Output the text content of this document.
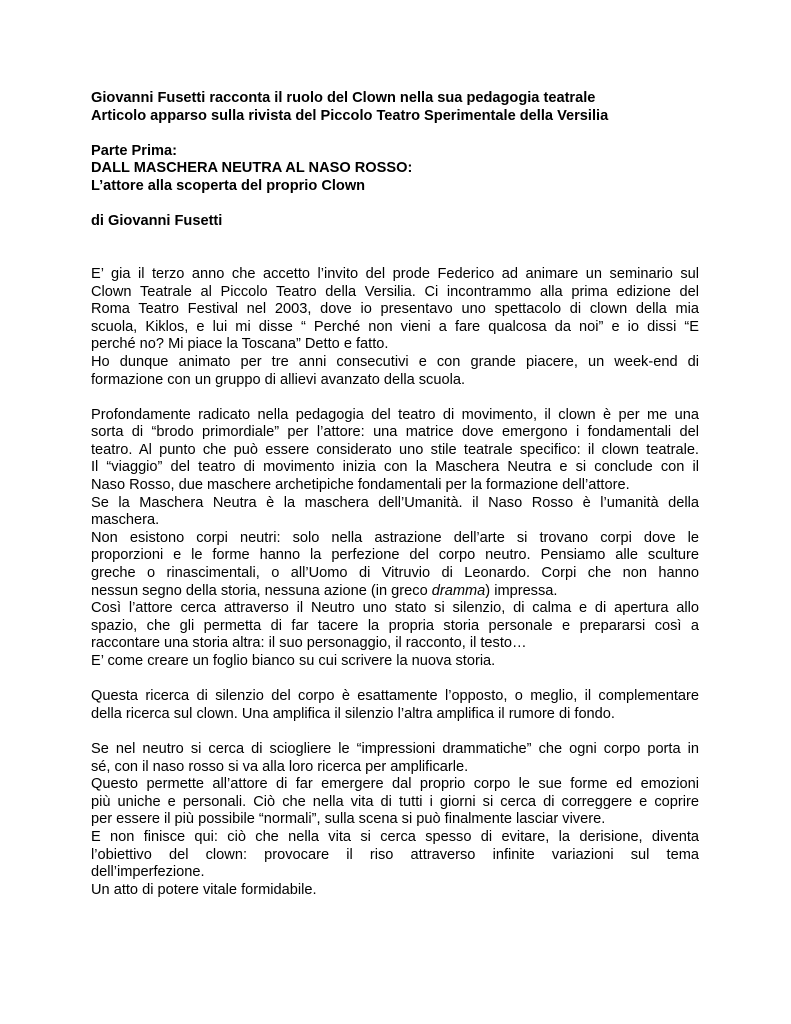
Giovanni Fusetti racconta il ruolo del Clown nella sua pedagogia teatrale
Articolo apparso sulla rivista del Piccolo Teatro Sperimentale della Versilia
Parte Prima:
DALL MASCHERA NEUTRA AL NASO ROSSO:
L’attore alla scoperta del proprio Clown
di Giovanni Fusetti
E’ gia il terzo anno che accetto l’invito del prode Federico ad animare un seminario sul
Clown Teatrale al Piccolo Teatro della Versilia. Ci incontrammo alla prima edizione del
Roma Teatro Festival nel 2003, dove io presentavo uno spettacolo di clown della mia
scuola, Kiklos, e lui mi disse “ Perché non vieni a fare qualcosa da noi” e io dissi “E
perché no? Mi piace la Toscana” Detto e fatto.
Ho dunque animato per tre anni consecutivi e con grande piacere, un week-end di
formazione con un gruppo di allievi avanzato della scuola.
Profondamente radicato nella pedagogia del teatro di movimento, il clown è per me una
sorta di “brodo primordiale” per l’attore: una matrice dove emergono i fondamentali del
teatro. Al punto che può essere considerato uno stile teatrale specifico: il clown teatrale.
Il “viaggio” del teatro di movimento inizia con la Maschera Neutra e si conclude con il
Naso Rosso, due maschere archetipiche fondamentali per la formazione dell’attore.
Se la Maschera Neutra è la maschera dell’Umanità. il Naso Rosso è l’umanità della
maschera.
Non esistono corpi neutri: solo nella astrazione dell’arte si trovano corpi dove le
proporzioni e le forme hanno la perfezione del corpo neutro. Pensiamo alle sculture
greche o rinascimentali, o all’Uomo di Vitruvio di Leonardo. Corpi che non hanno
nessun segno della storia, nessuna azione (in greco dramma) impressa.
Così l’attore cerca attraverso il Neutro uno stato si silenzio, di calma e di apertura allo
spazio, che gli permetta di far tacere la propria storia personale e prepararsi così a
raccontare una storia altra: il suo personaggio, il racconto, il testo…
E’ come creare un foglio bianco su cui scrivere la nuova storia.
Questa ricerca di silenzio del corpo è esattamente l’opposto, o meglio, il complementare
della ricerca sul clown. Una amplifica il silenzio l’altra amplifica il rumore di fondo.
Se nel neutro si cerca di sciogliere le “impressioni drammatiche” che ogni corpo porta in
sé, con il naso rosso si va alla loro ricerca per amplificarle.
Questo permette all’attore di far emergere dal proprio corpo le sue forme ed emozioni
più uniche e personali. Ciò che nella vita di tutti i giorni si cerca di correggere e coprire
per essere il più possibile “normali”, sulla scena si può finalmente lasciar vivere.
E non finisce qui: ciò che nella vita si cerca spesso di evitare, la derisione, diventa
l’obiettivo del clown: provocare il riso attraverso infinite variazioni sul tema
dell’imperfezione.
Un atto di potere vitale formidabile.
